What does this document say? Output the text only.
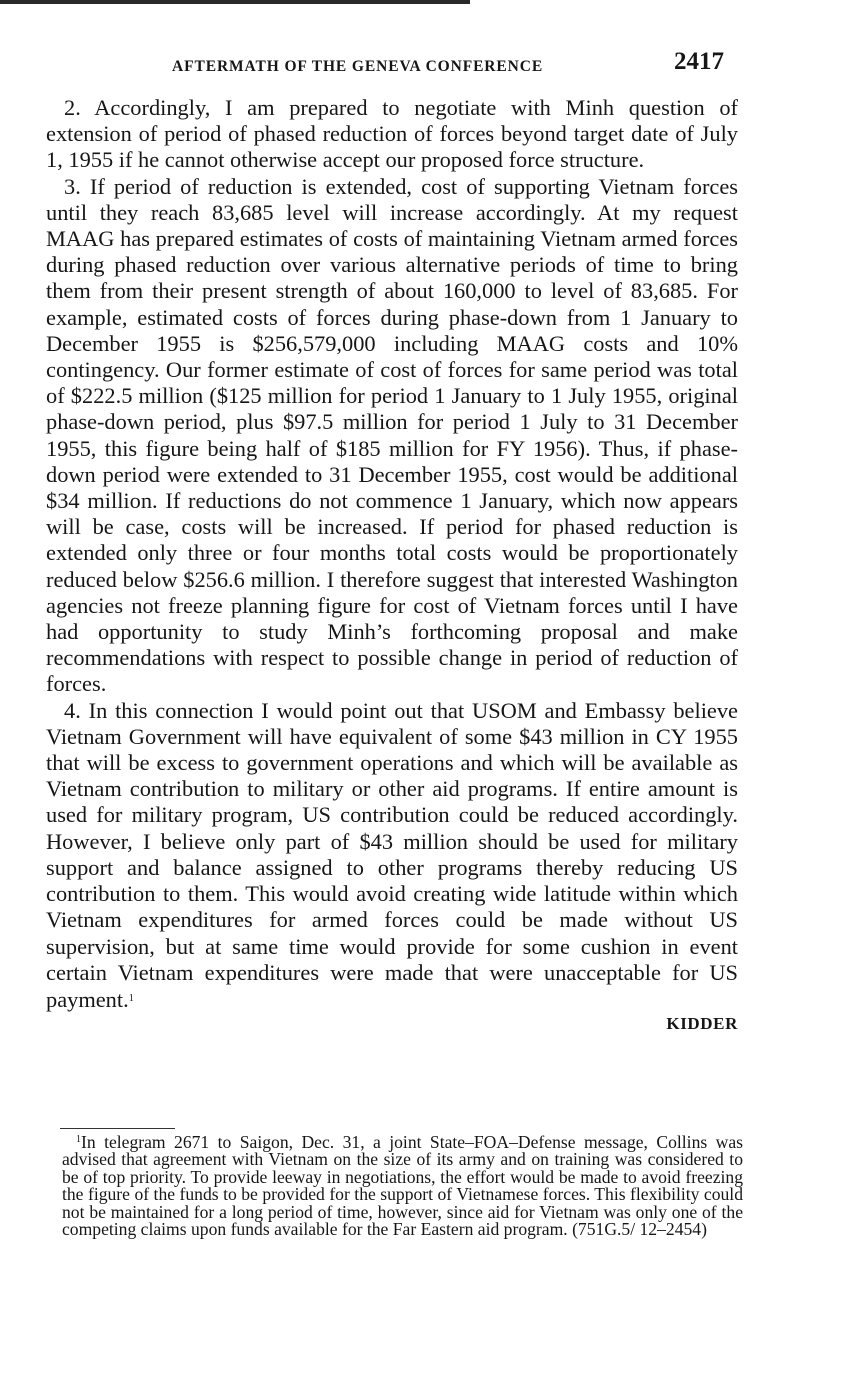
AFTERMATH OF THE GENEVA CONFERENCE	2417

2. Accordingly, I am prepared to negotiate with Minh question of extension of period of phased reduction of forces beyond target date of July 1, 1955 if he cannot otherwise accept our proposed force structure.

3. If period of reduction is extended, cost of supporting Vietnam forces until they reach 83,685 level will increase accordingly. At my request MAAG has prepared estimates of costs of maintaining Vietnam armed forces during phased reduction over various alternative periods of time to bring them from their present strength of about 160,000 to level of 83,685. For example, estimated costs of forces during phase-down from 1 January to December 1955 is $256,579,000 including MAAG costs and 10% contingency. Our former estimate of cost of forces for same period was total of $222.5 million ($125 million for period 1 January to 1 July 1955, original phase-down period, plus $97.5 million for period 1 July to 31 December 1955, this figure being half of $185 million for FY 1956). Thus, if phase-down period were extended to 31 December 1955, cost would be additional $34 million. If reductions do not commence 1 January, which now appears will be case, costs will be increased. If period for phased reduction is extended only three or four months total costs would be proportionately reduced below $256.6 million. I therefore suggest that interested Washington agencies not freeze planning figure for cost of Vietnam forces until I have had opportunity to study Minh’s forthcoming proposal and make recommendations with respect to possible change in period of reduction of forces.

4. In this connection I would point out that USOM and Embassy believe Vietnam Government will have equivalent of some $43 million in CY 1955 that will be excess to government operations and which will be available as Vietnam contribution to military or other aid programs. If entire amount is used for military program, US contribution could be reduced accordingly. However, I believe only part of $43 million should be used for military support and balance assigned to other programs thereby reducing US contribution to them. This would avoid creating wide latitude within which Vietnam expenditures for armed forces could be made without US supervision, but at same time would provide for some cushion in event certain Vietnam expenditures were made that were unacceptable for US payment.$^1$

KIDDER

$^1$In telegram 2671 to Saigon, Dec. 31, a joint State–FOA–Defense message, Collins was advised that agreement with Vietnam on the size of its army and on training was considered to be of top priority. To provide leeway in negotiations, the effort would be made to avoid freezing the figure of the funds to be provided for the support of Vietnamese forces. This flexibility could not be maintained for a long period of time, however, since aid for Vietnam was only one of the competing claims upon funds available for the Far Eastern aid program. (751G.5/ 12–2454)
